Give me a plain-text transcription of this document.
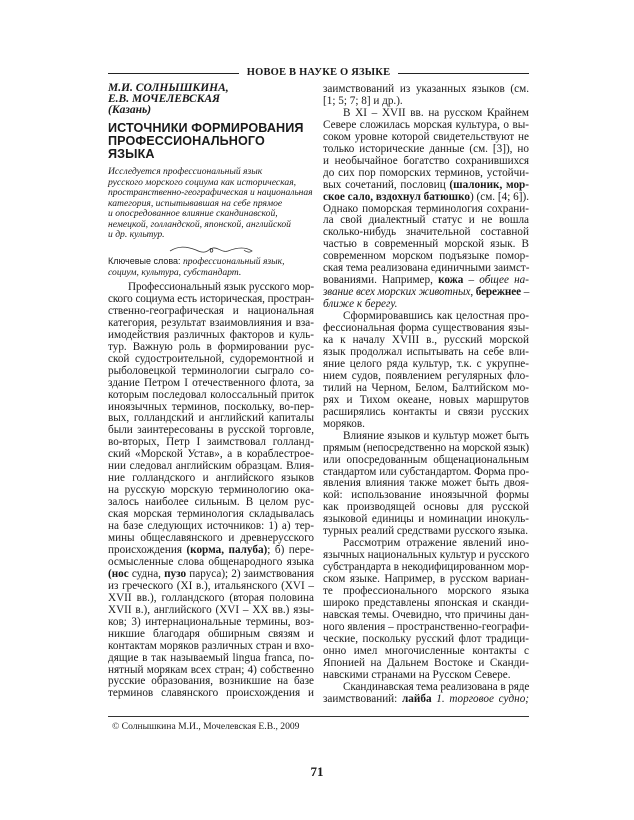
НОВОЕ В НАУКЕ О ЯЗЫКЕ
М.И. СОЛНЫШКИНА,
Е.В. МОЧЕЛЕВСКАЯ
(Казань)
ИСТОЧНИКИ ФОРМИРОВАНИЯ
ПРОФЕССИОНАЛЬНОГО ЯЗЫКА
Исследуется профессиональный язык
русского морского социума как историческая,
пространственно-географическая и национальная
категория, испытывавшая на себе прямое
и опосредованное влияние скандинавской,
немецкой, голландской, японской, английской
и др. культур.
Ключевые слова: профессиональный язык,
социум, культура, субстандарт.
Профессиональный язык русского мор-
ского социума есть историческая, простран-
ственно-географическая и национальная
категория, результат взаимовлияния и вза-
имодействия различных факторов и куль-
тур. Важную роль в формировании рус-
ской судостроительной, судоремонтной и
рыболовецкой терминологии сыграло со-
здание Петром I отечественного флота, за
которым последовал колоссальный приток
иноязычных терминов, поскольку, во-пер-
вых, голландский и английский капиталы
были заинтересованы в русской торговле,
во-вторых, Петр I заимствовал голланд-
ский «Морской Устав», а в кораблестрое-
нии следовал английским образцам. Влия-
ние голландского и английского языков
на русскую морскую терминологию ока-
залось наиболее сильным. В целом рус-
ская морская терминология складывалась
на базе следующих источников: 1) а) тер-
мины общеславянского и древнерусского
происхождения (корма, палуба); б) пере-
осмысленные слова общенародного языка
(нос судна, пузо паруса); 2) заимствования
из греческого (XI в.), итальянского (XVI –
XVII вв.), голландского (вторая половина
XVII в.), английского (XVI – XX вв.) язы-
ков; 3) интернациональные термины, воз-
никшие благодаря обширным связям и
контактам моряков различных стран и вхо-
дящие в так называемый lingua franca, по-
нятный морякам всех стран; 4) собственно
русские образования, возникшие на базе
терминов славянского происхождения и
заимствований из указанных языков (см.
[1; 5; 7; 8] и др.).
В XI – XVII вв. на русском Крайнем
Севере сложилась морская культура, о вы-
соком уровне которой свидетельствуют не
только исторические данные (см. [3]), но
и необычайное богатство сохранившихся
до сих пор поморских терминов, устойчи-
вых сочетаний, пословиц (шалоник, мор-
ское сало, вздохнул батюшко) (см. [4; 6]).
Однако поморская терминология сохрани-
ла свой диалектный статус и не вошла
сколько-нибудь значительной составной
частью в современный морской язык. В
современном морском подъязыке помор-
ская тема реализована единичными заимст-
вованиями. Например, кожа – общее на-
звание всех морских животных, бережнее –
ближе к берегу.
Сформировавшись как целостная про-
фессиональная форма существования язы-
ка к началу XVIII в., русский морской
язык продолжал испытывать на себе вли-
яние целого ряда культур, т.к. с укрупне-
нием судов, появлением регулярных фло-
тилий на Черном, Белом, Балтийском мо-
рях и Тихом океане, новых маршрутов
расширялись контакты и связи русских
моряков.
Влияние языков и культур может быть
прямым (непосредственно на морской язык)
или опосредованным общенациональным
стандартом или субстандартом. Форма про-
явления влияния также может быть двоя-
кой: использование иноязычной формы
как производящей основы для русской
языковой единицы и номинации инокуль-
турных реалий средствами русского языка.
Рассмотрим отражение явлений ино-
язычных национальных культур и русского
субстрандарта в некодифицированном мор-
ском языке. Например, в русском вариан-
те профессионального морского языка
широко представлены японская и сканди-
навская темы. Очевидно, что причины дан-
ного явления – пространственно-географи-
ческие, поскольку русский флот традици-
онно имел многочисленные контакты с
Японией на Дальнем Востоке и Сканди-
навскими странами на Русском Севере.
Скандинавская тема реализована в ряде
заимствований: лайба 1. торговое судно;
© Солнышкина М.И., Мочелевская Е.В., 2009
71
